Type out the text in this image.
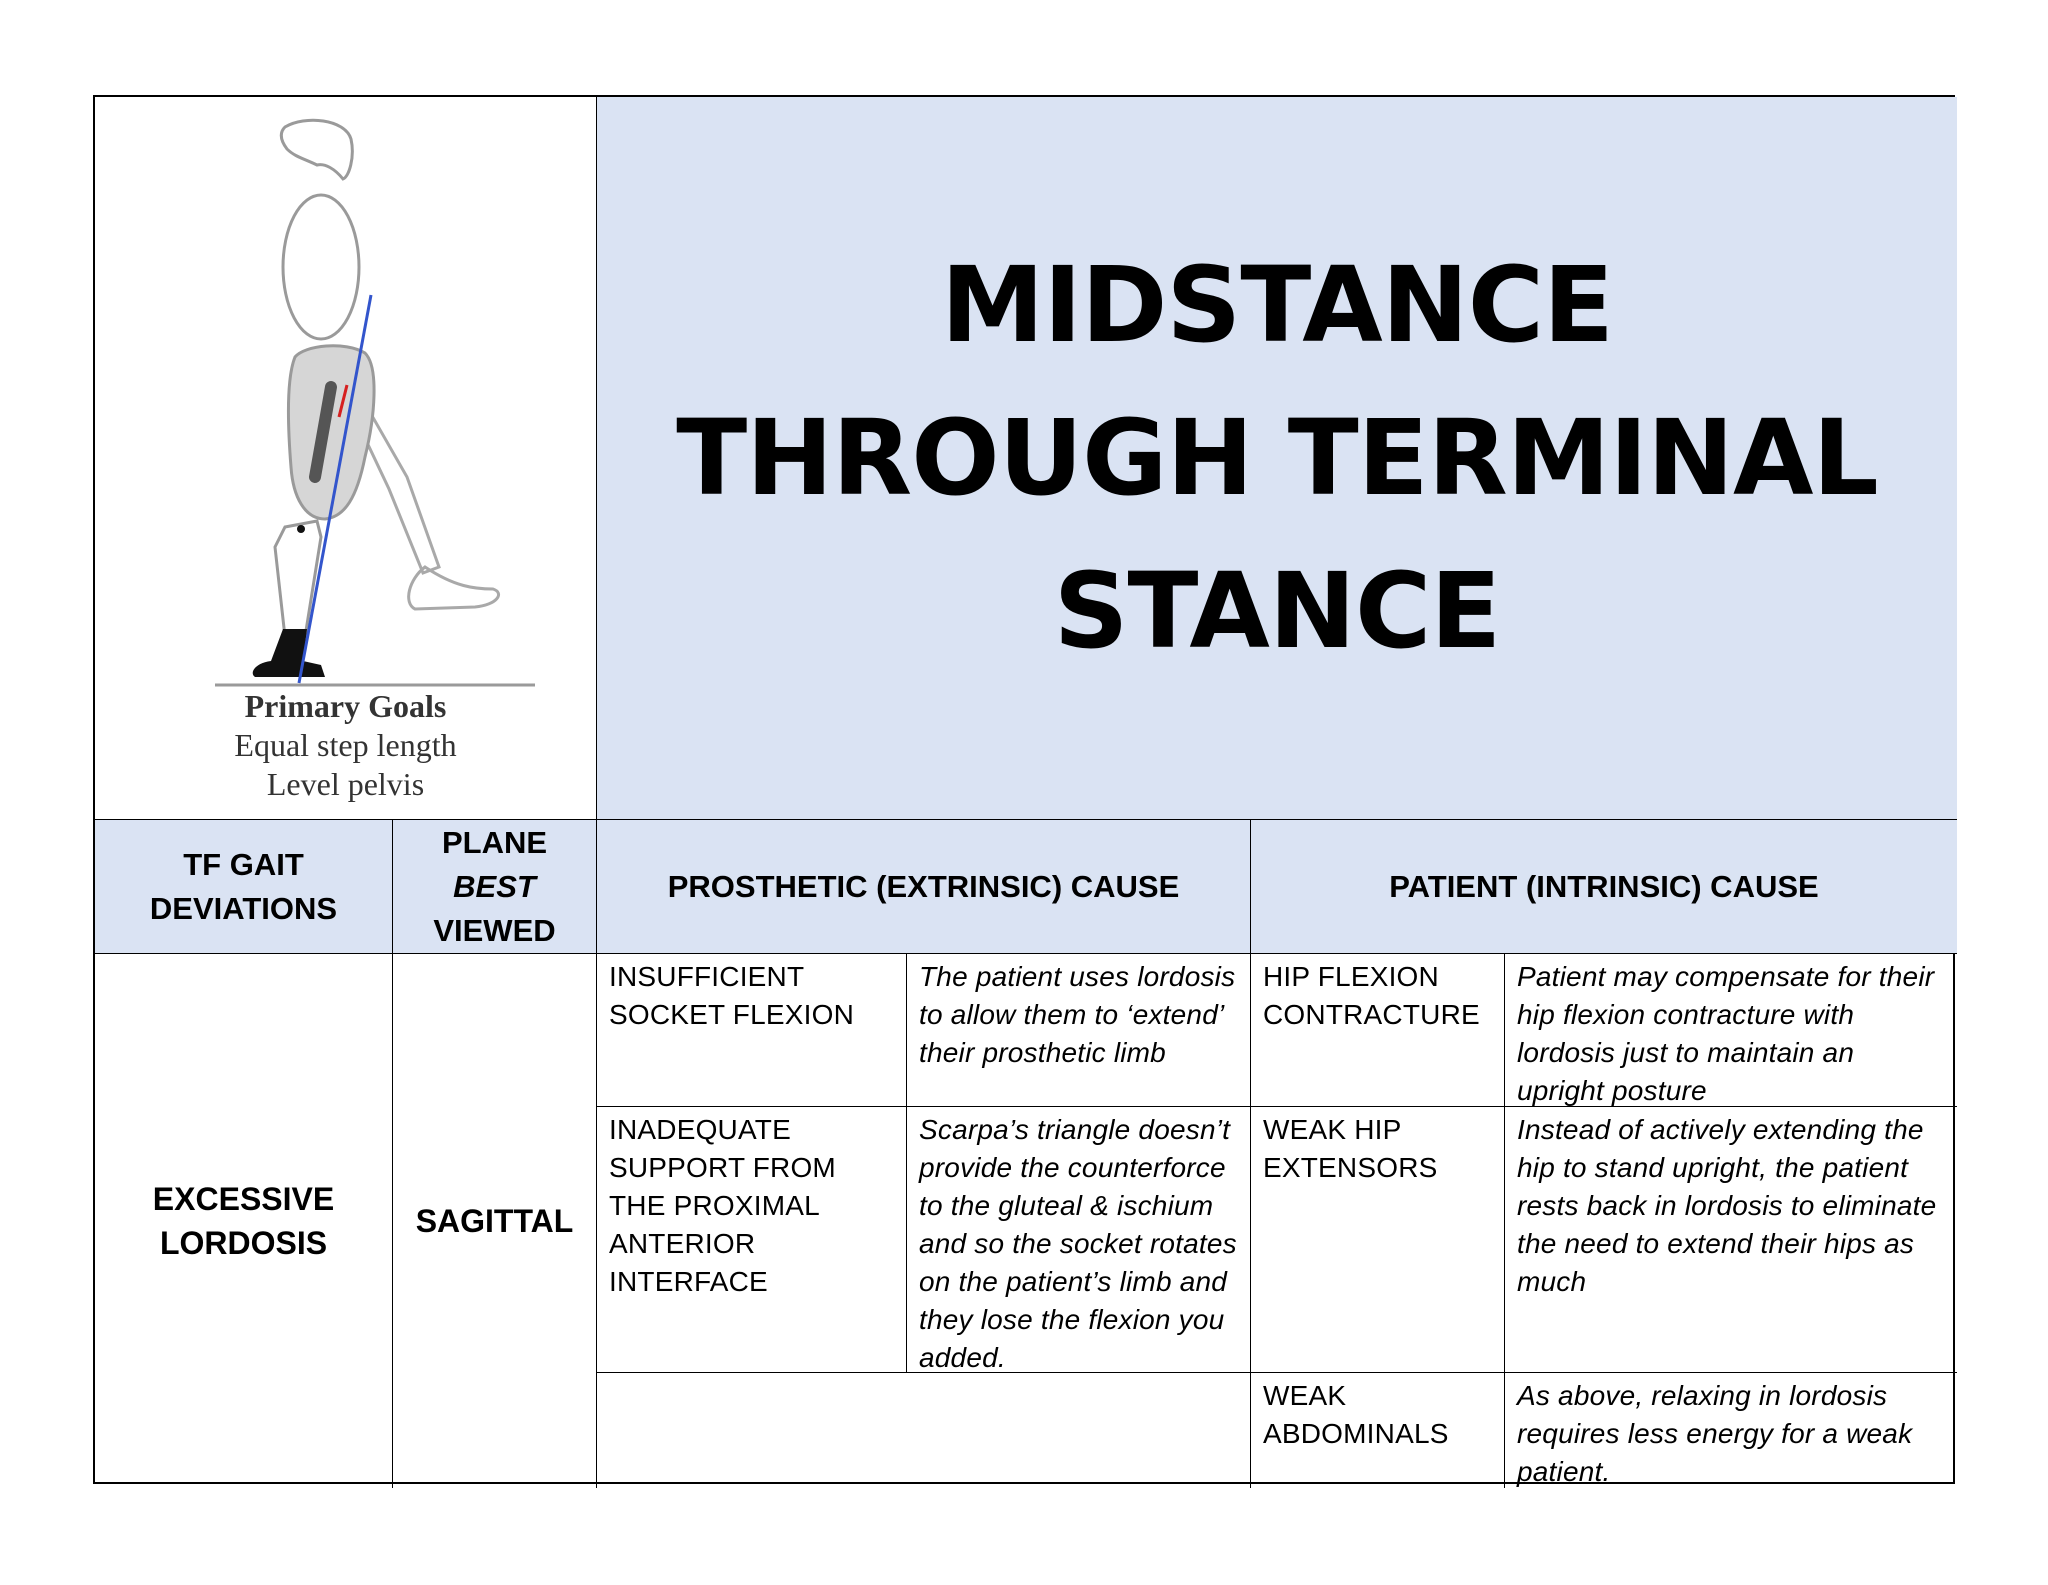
Primary Goals
Equal step length
Level pelvis
MIDSTANCE
THROUGH TERMINAL
STANCE
TF GAIT
DEVIATIONS
PLANE
BEST
VIEWED
PROSTHETIC (EXTRINSIC) CAUSE	PATIENT (INTRINSIC) CAUSE
EXCESSIVE
LORDOSIS
SAGITTAL
INSUFFICIENT SOCKET FLEXION
The patient uses lordosis to allow them to ‘extend’ their prosthetic limb
HIP FLEXION CONTRACTURE
Patient may compensate for their hip flexion contracture with lordosis just to maintain an upright posture
INADEQUATE SUPPORT FROM THE PROXIMAL ANTERIOR INTERFACE
Scarpa’s triangle doesn’t provide the counterforce to the gluteal & ischium and so the socket rotates on the patient’s limb and they lose the flexion you added.
WEAK HIP EXTENSORS
Instead of actively extending the hip to stand upright, the patient rests back in lordosis to eliminate the need to extend their hips as much
WEAK ABDOMINALS
As above, relaxing in lordosis requires less energy for a weak patient.
